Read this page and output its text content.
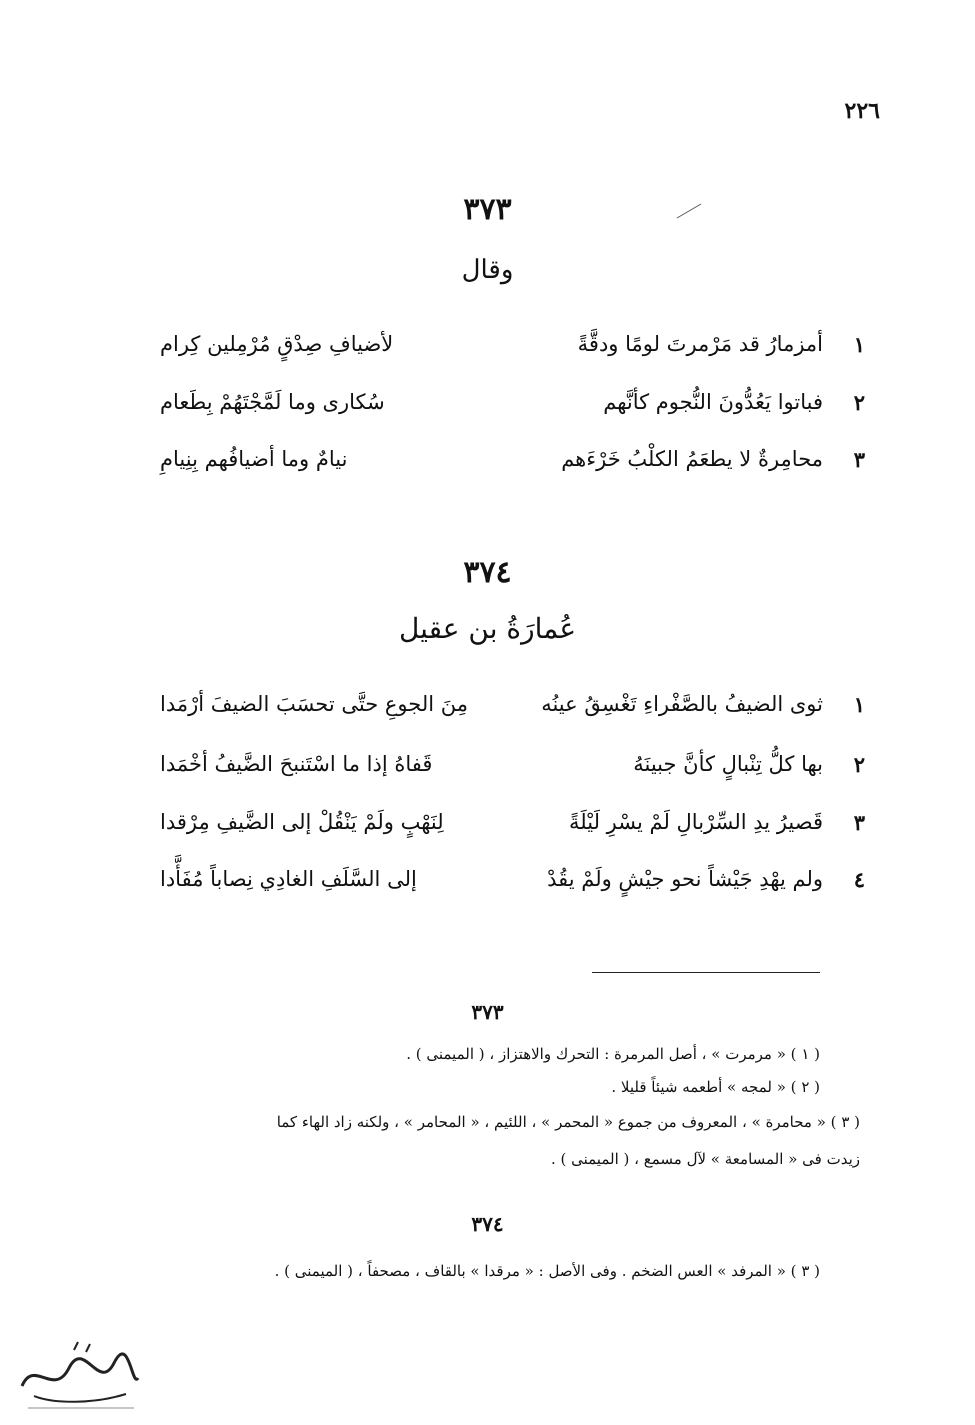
٢٢٦
٣٧٣
وقال
١
أمزمارُ قد مَرْمرتَ لومًا ودقَّةً
لأضيافِ صِدْقٍ مُرْمِلين كِرام
٢
فباتوا يَعُدُّونَ النُّجوم كأنَّهم
سُكارى وما لَمَّجْتَهُمْ بِطَعام
٣
محامِرةٌ لا يطعَمُ الكلْبُ خَرْءَهم
نيامٌ وما أضيافُهم بِنِيامِ
٣٧٤
عُمارَةُ بن عقيل
١
ثوى الضيفُ بالصَّفْراءِ تَغْسِقُ عينُه
مِنَ الجوعِ حتَّى تحسَبَ الضيفَ أرْمَدا
٢
بها كلُّ تِنْبالٍ كأنَّ جبينَهُ
قَفاهُ إذا ما اسْتَنبحَ الضَّيفُ أخْمَدا
٣
قَصيرُ يدِ السِّرْبالِ لَمْ يسْرِ لَيْلَةً
لِنَهْبٍ ولَمْ يَنْقُلْ إلى الضَّيفِ مِرْقدا
٤
ولم يهْدِ جَيْشاً نحو جيْشٍ ولَمْ يقُدْ
إلى السَّلَفِ الغادِي نِصاباً مُفَأَّدا
٣٧٣
( ١ ) « مرمرت » ، أصل المرمرة : التحرك والاهتزاز ، ( الميمنى ) .
( ٢ ) « لمجه » أطعمه شيئاً قليلا .
( ٣ ) « محامرة » ، المعروف من جموع « المحمر » ، اللئيم ، « المحامر » ، ولكنه زاد الهاء كما
زيدت فى « المسامعة » لآل مسمع ، ( الميمنى ) .
٣٧٤
( ٣ ) « المرفد » العس الضخم . وفى الأصل : « مرقدا » بالقاف ، مصحفاً ، ( الميمنى ) .
